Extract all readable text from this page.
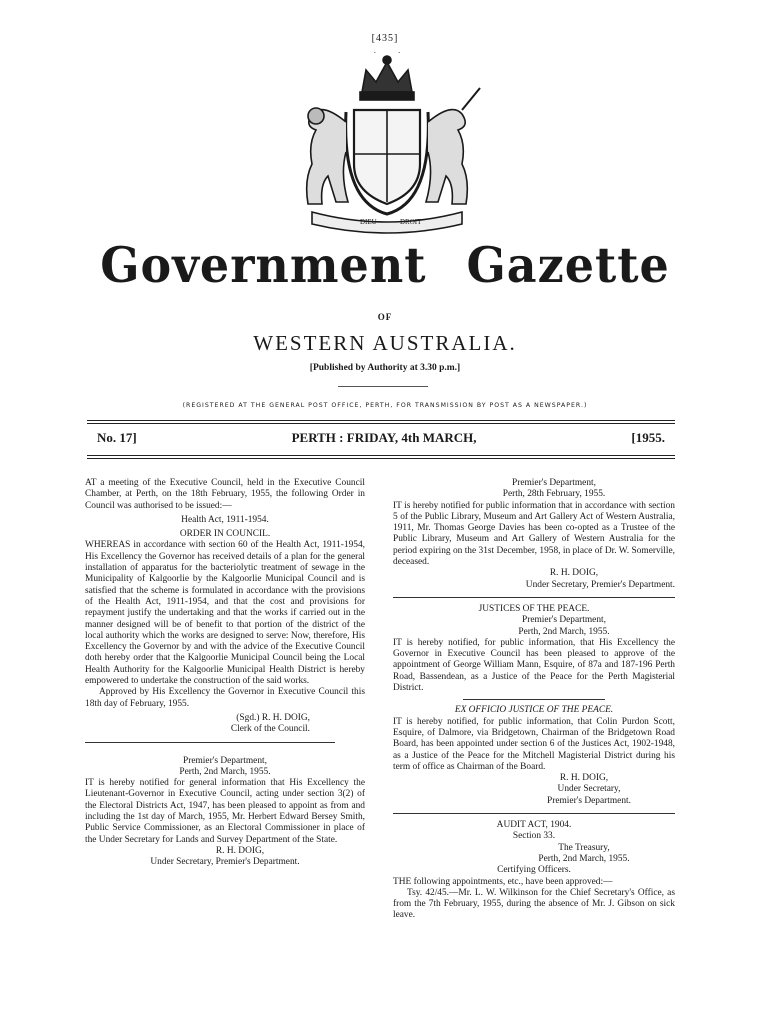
[435]
DIEU	DROIT
Government Gazette
OF
WESTERN AUSTRALIA.
[Published by Authority at 3.30 p.m.]
(REGISTERED AT THE GENERAL POST OFFICE, PERTH, FOR TRANSMISSION BY POST AS A NEWSPAPER.)
No. 17]	PERTH : FRIDAY, 4th MARCH,	[1955.

AT a meeting of the Executive Council, held in the Executive Council Chamber, at Perth, on the 18th February, 1955, the following Order in Council was authorised to be issued:—

Health Act, 1911-1954.

ORDER IN COUNCIL.

WHEREAS in accordance with section 60 of the Health Act, 1911-1954, His Excellency the Governor has received details of a plan for the general installation of apparatus for the bacteriolytic treatment of sewage in the Municipality of Kalgoorlie by the Kalgoorlie Municipal Council and is satisfied that the scheme is formulated in accordance with the provisions of the Health Act, 1911-1954, and that the cost and provisions for repayment justify the undertaking and that the works if carried out in the manner designed will be of benefit to that portion of the district of the local authority which the works are designed to serve: Now, therefore, His Excellency the Governor by and with the advice of the Executive Council doth hereby order that the Kalgoorlie Municipal Council being the Local Health Authority for the Kalgoorlie Municipal Health District is hereby empowered to undertake the construction of the said works.

Approved by His Excellency the Governor in Executive Council this 18th day of February, 1955.

(Sgd.) R. H. DOIG,

Clerk of the Council.

Premier's Department,

Perth, 2nd March, 1955.

IT is hereby notified for general information that His Excellency the Lieutenant-Governor in Executive Council, acting under section 3(2) of the Electoral Districts Act, 1947, has been pleased to appoint as from and including the 1st day of March, 1955, Mr. Herbert Edward Bersey Smith, Public Service Commissioner, as an Electoral Commissioner in place of the Under Secretary for Lands and Survey Department of the State.

R. H. DOIG,

Under Secretary, Premier's Department.

Premier's Department,

Perth, 28th February, 1955.

IT is hereby notified for public information that in accordance with section 5 of the Public Library, Museum and Art Gallery Act of Western Australia, 1911, Mr. Thomas George Davies has been co-opted as a Trustee of the Public Library, Museum and Art Gallery of Western Australia for the period expiring on the 31st December, 1958, in place of Dr. W. Somerville, deceased.

R. H. DOIG,

Under Secretary, Premier's Department.

JUSTICES OF THE PEACE.

Premier's Department,

Perth, 2nd March, 1955.

IT is hereby notified, for public information, that His Excellency the Governor in Executive Council has been pleased to approve of the appointment of George William Mann, Esquire, of 87a and 187-196 Perth Road, Bassendean, as a Justice of the Peace for the Perth Magisterial District.

EX OFFICIO JUSTICE OF THE PEACE.

IT is hereby notified, for public information, that Colin Purdon Scott, Esquire, of Dalmore, via Bridgetown, Chairman of the Bridgetown Road Board, has been appointed under section 6 of the Justices Act, 1902-1948, as a Justice of the Peace for the Mitchell Magisterial District during his term of office as Chairman of the Board.

R. H. DOIG,

Under Secretary,

Premier's Department.

AUDIT ACT, 1904.

Section 33.

The Treasury,

Perth, 2nd March, 1955.

Certifying Officers.

THE following appointments, etc., have been approved:—

Tsy. 42/45.—Mr. L. W. Wilkinson for the Chief Secretary's Office, as from the 7th February, 1955, during the absence of Mr. J. Gibson on sick leave.
